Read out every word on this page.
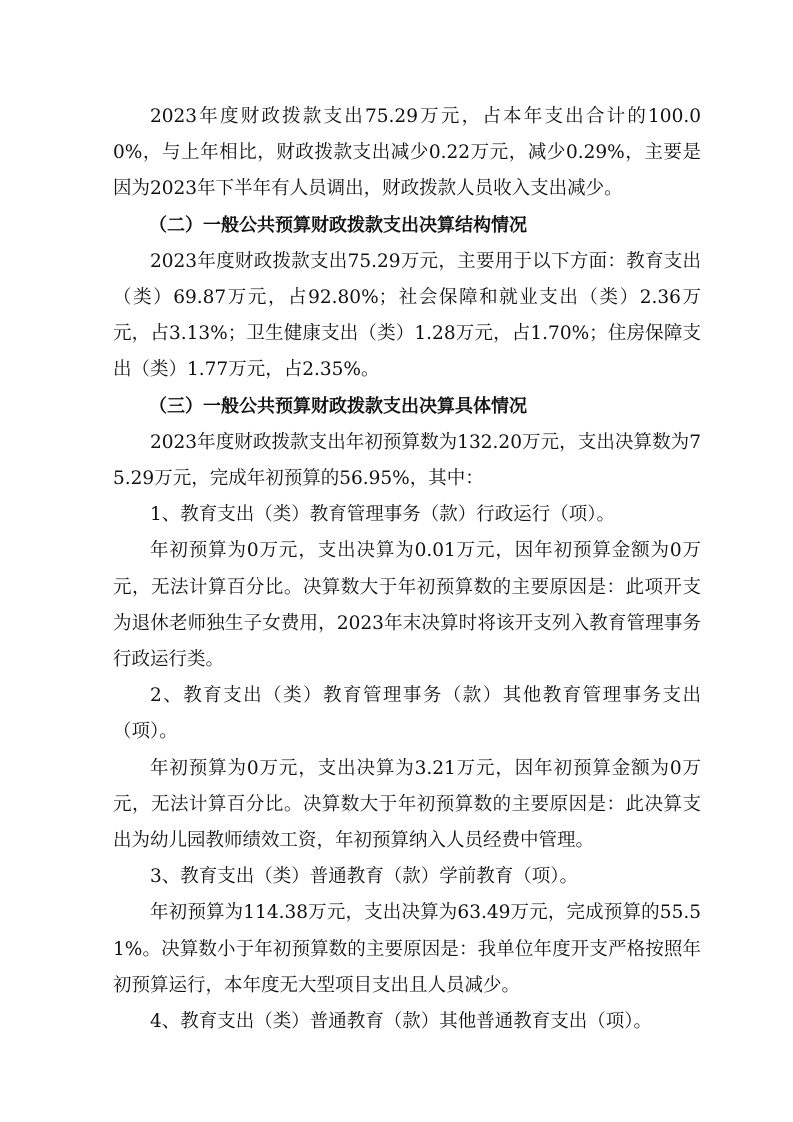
2023年度财政拨款支出75.29万元，占本年支出合计的100.00%，与上年相比，财政拨款支出减少0.22万元，减少0.29%，主要是因为2023年下半年有人员调出，财政拨款人员收入支出减少。

（二）一般公共预算财政拨款支出决算结构情况

2023年度财政拨款支出75.29万元，主要用于以下方面：教育支出（类）69.87万元，占92.80%；社会保障和就业支出（类）2.36万元，占3.13%；卫生健康支出（类）1.28万元，占1.70%；住房保障支出（类）1.77万元，占2.35%。

（三）一般公共预算财政拨款支出决算具体情况

2023年度财政拨款支出年初预算数为132.20万元，支出决算数为75.29万元，完成年初预算的56.95%，其中：

1、教育支出（类）教育管理事务（款）行政运行（项）。

年初预算为0万元，支出决算为0.01万元，因年初预算金额为0万元，无法计算百分比。决算数大于年初预算数的主要原因是：此项开支为退休老师独生子女费用，2023年末决算时将该开支列入教育管理事务行政运行类。

2、教育支出（类）教育管理事务（款）其他教育管理事务支出（项）。

年初预算为0万元，支出决算为3.21万元，因年初预算金额为0万元，无法计算百分比。决算数大于年初预算数的主要原因是：此决算支出为幼儿园教师绩效工资，年初预算纳入人员经费中管理。

3、教育支出（类）普通教育（款）学前教育（项）。

年初预算为114.38万元，支出决算为63.49万元，完成预算的55.51%。决算数小于年初预算数的主要原因是：我单位年度开支严格按照年初预算运行，本年度无大型项目支出且人员减少。

4、教育支出（类）普通教育（款）其他普通教育支出（项）。
